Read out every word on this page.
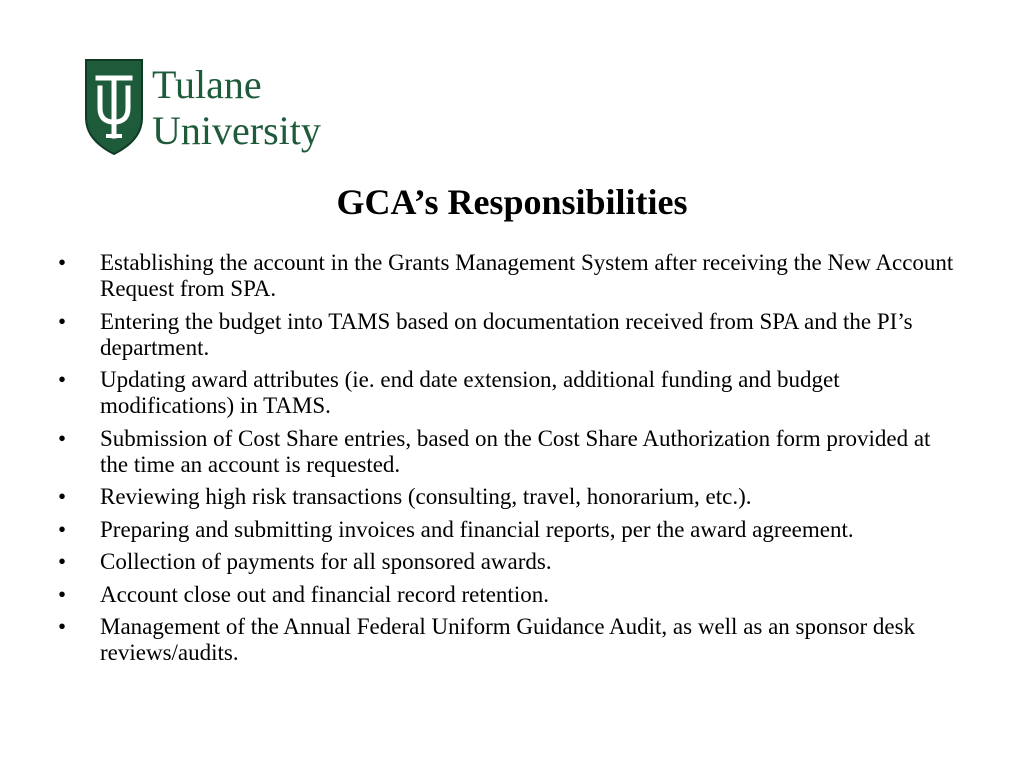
Tulane
University
GCA’s Responsibilities
•	Establishing the account in the Grants Management System after receiving the New Account Request from SPA.
•	Entering the budget into TAMS based on documentation received from SPA and the PI’s department.
•	Updating award attributes (ie. end date extension, additional funding and budget modifications) in TAMS.
•	Submission of Cost Share entries, based on the Cost Share Authorization form provided at the time an account is requested.
•	Reviewing high risk transactions (consulting, travel, honorarium, etc.).
•	Preparing and submitting invoices and financial reports, per the award agreement.
•	Collection of payments for all sponsored awards.
•	Account close out and financial record retention.
•	Management of the Annual Federal Uniform Guidance Audit, as well as an sponsor desk reviews/audits.
